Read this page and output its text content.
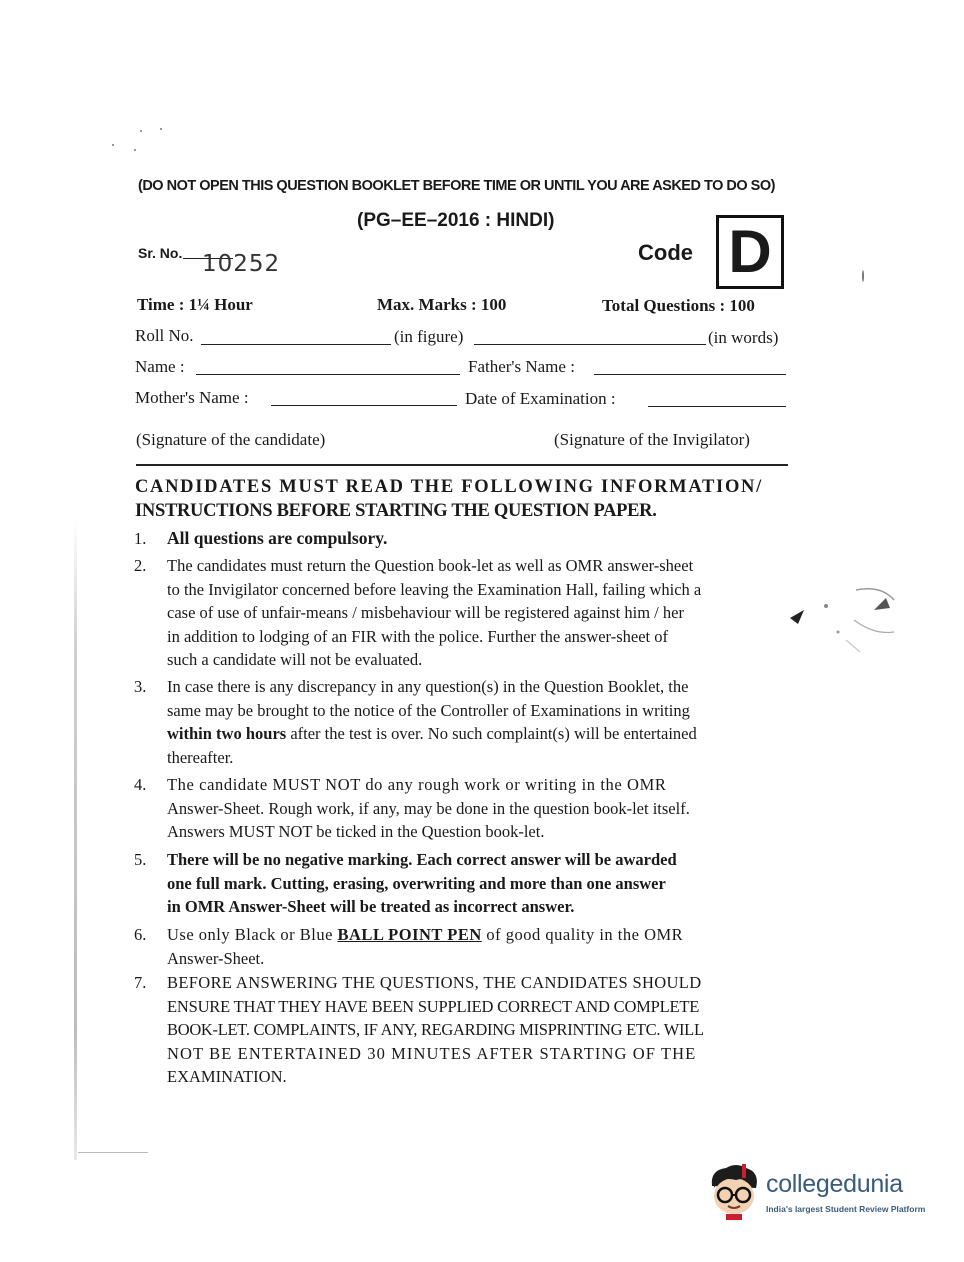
(DO NOT OPEN THIS QUESTION BOOKLET BEFORE TIME OR UNTIL YOU ARE ASKED TO DO SO)
(PG–EE–2016 : HINDI)
Sr. No. 10252	Code D
Time : 1¼ Hour	Max. Marks : 100	Total Questions : 100
Roll No.	(in figure)	(in words)
Name :	Father's Name :
Mother's Name :	Date of Examination :
(Signature of the candidate)	(Signature of the Invigilator)
CANDIDATES MUST READ THE FOLLOWING INFORMATION/
INSTRUCTIONS BEFORE STARTING THE QUESTION PAPER.
1.	All questions are compulsory.
2.	The candidates must return the Question book-let as well as OMR answer-sheet
to the Invigilator concerned before leaving the Examination Hall, failing which a
case of use of unfair-means / misbehaviour will be registered against him / her
in addition to lodging of an FIR with the police. Further the answer-sheet of
such a candidate will not be evaluated.
3.	In case there is any discrepancy in any question(s) in the Question Booklet, the
same may be brought to the notice of the Controller of Examinations in writing
within two hours after the test is over. No such complaint(s) will be entertained
thereafter.
4.	The candidate MUST NOT do any rough work or writing in the OMR
Answer-Sheet. Rough work, if any, may be done in the question book-let itself.
Answers MUST NOT be ticked in the Question book-let.
5.	There will be no negative marking. Each correct answer will be awarded
one full mark. Cutting, erasing, overwriting and more than one answer
in OMR Answer-Sheet will be treated as incorrect answer.
6.	Use only Black or Blue BALL POINT PEN of good quality in the OMR
Answer-Sheet.
7.	BEFORE ANSWERING THE QUESTIONS, THE CANDIDATES SHOULD
ENSURE THAT THEY HAVE BEEN SUPPLIED CORRECT AND COMPLETE
BOOK-LET. COMPLAINTS, IF ANY, REGARDING MISPRINTING ETC. WILL
NOT BE ENTERTAINED 30 MINUTES AFTER STARTING OF THE
EXAMINATION.
collegedunia
India's largest Student Review Platform
